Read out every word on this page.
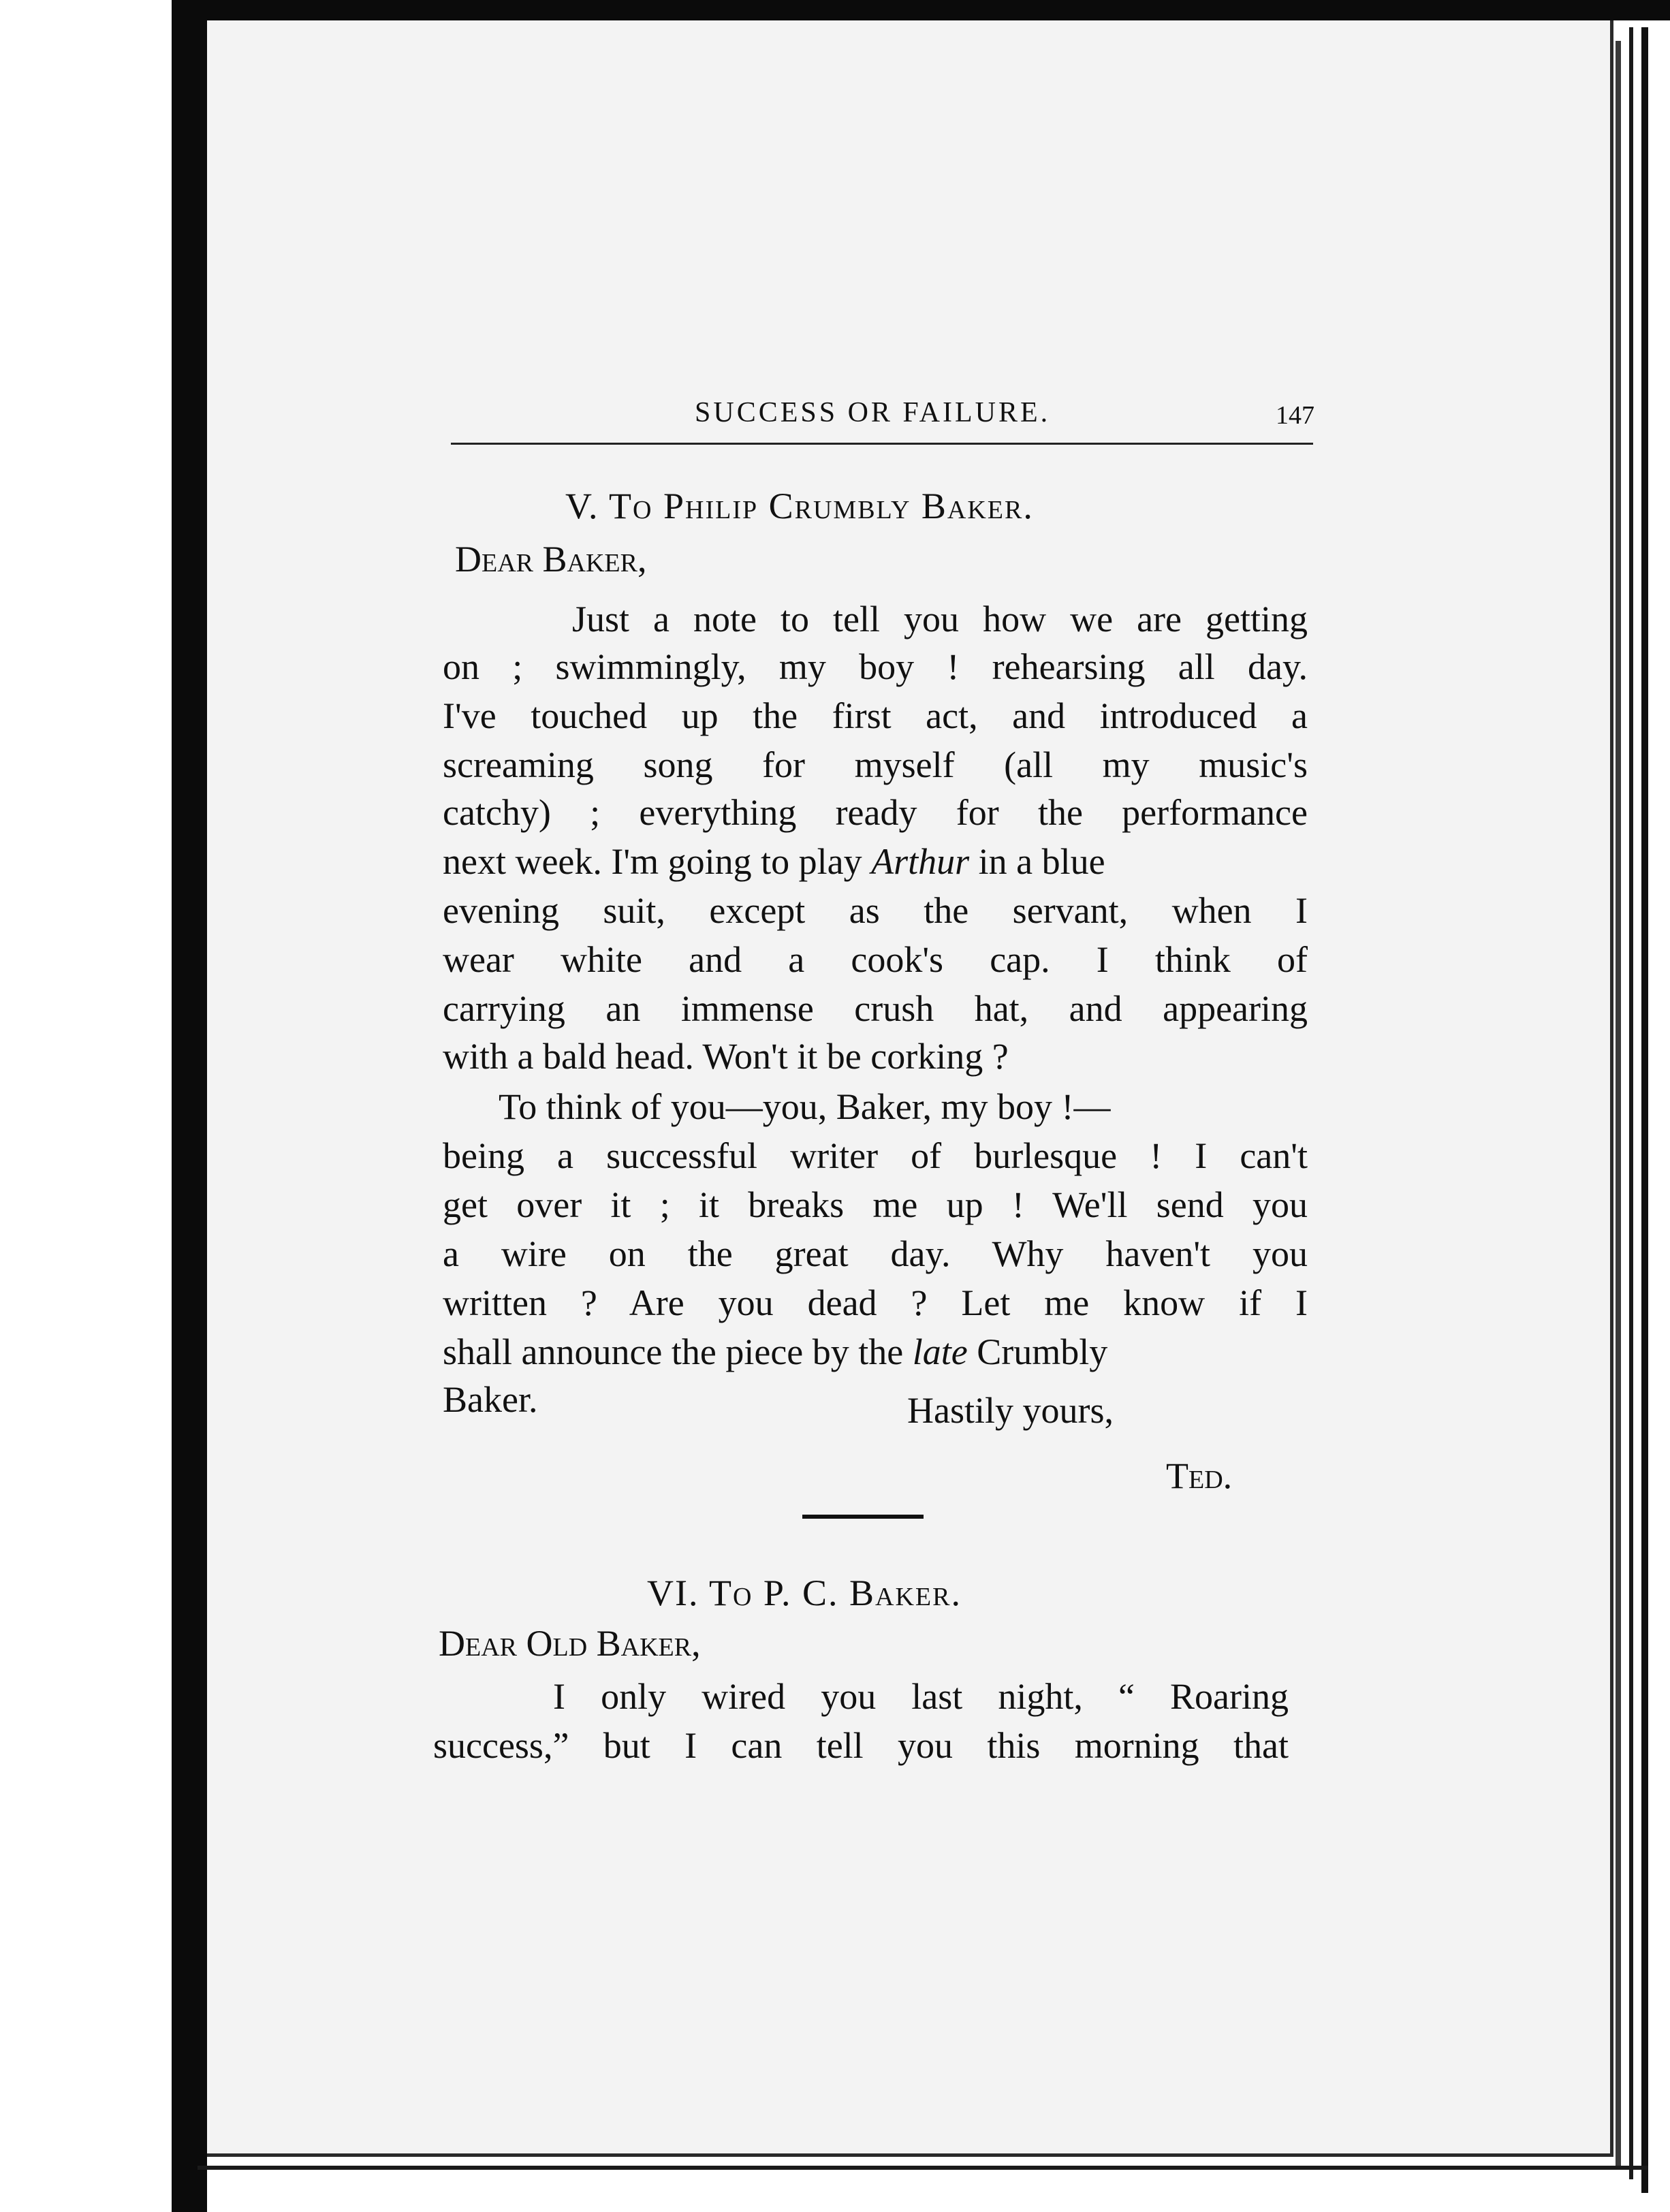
SUCCESS OR FAILURE.	147
V. To Philip Crumbly Baker.
Dear Baker,
Just a note to tell you how we are getting
on ; swimmingly, my boy ! rehearsing all day.
I've touched up the first act, and introduced a
screaming song for myself (all my music's
catchy) ; everything ready for the performance
next week. I'm going to play Arthur in a blue
evening suit, except as the servant, when I
wear white and a cook's cap. I think of
carrying an immense crush hat, and appearing
with a bald head. Won't it be corking ?
To think of you—you, Baker, my boy !—
being a successful writer of burlesque ! I can't
get over it ; it breaks me up ! We'll send you
a wire on the great day. Why haven't you
written ? Are you dead ? Let me know if I
shall announce the piece by the late Crumbly
Baker.	Hastily yours,
Ted.
VI. To P. C. Baker.
Dear Old Baker,
I only wired you last night, “ Roaring
success,” but I can tell you this morning that
